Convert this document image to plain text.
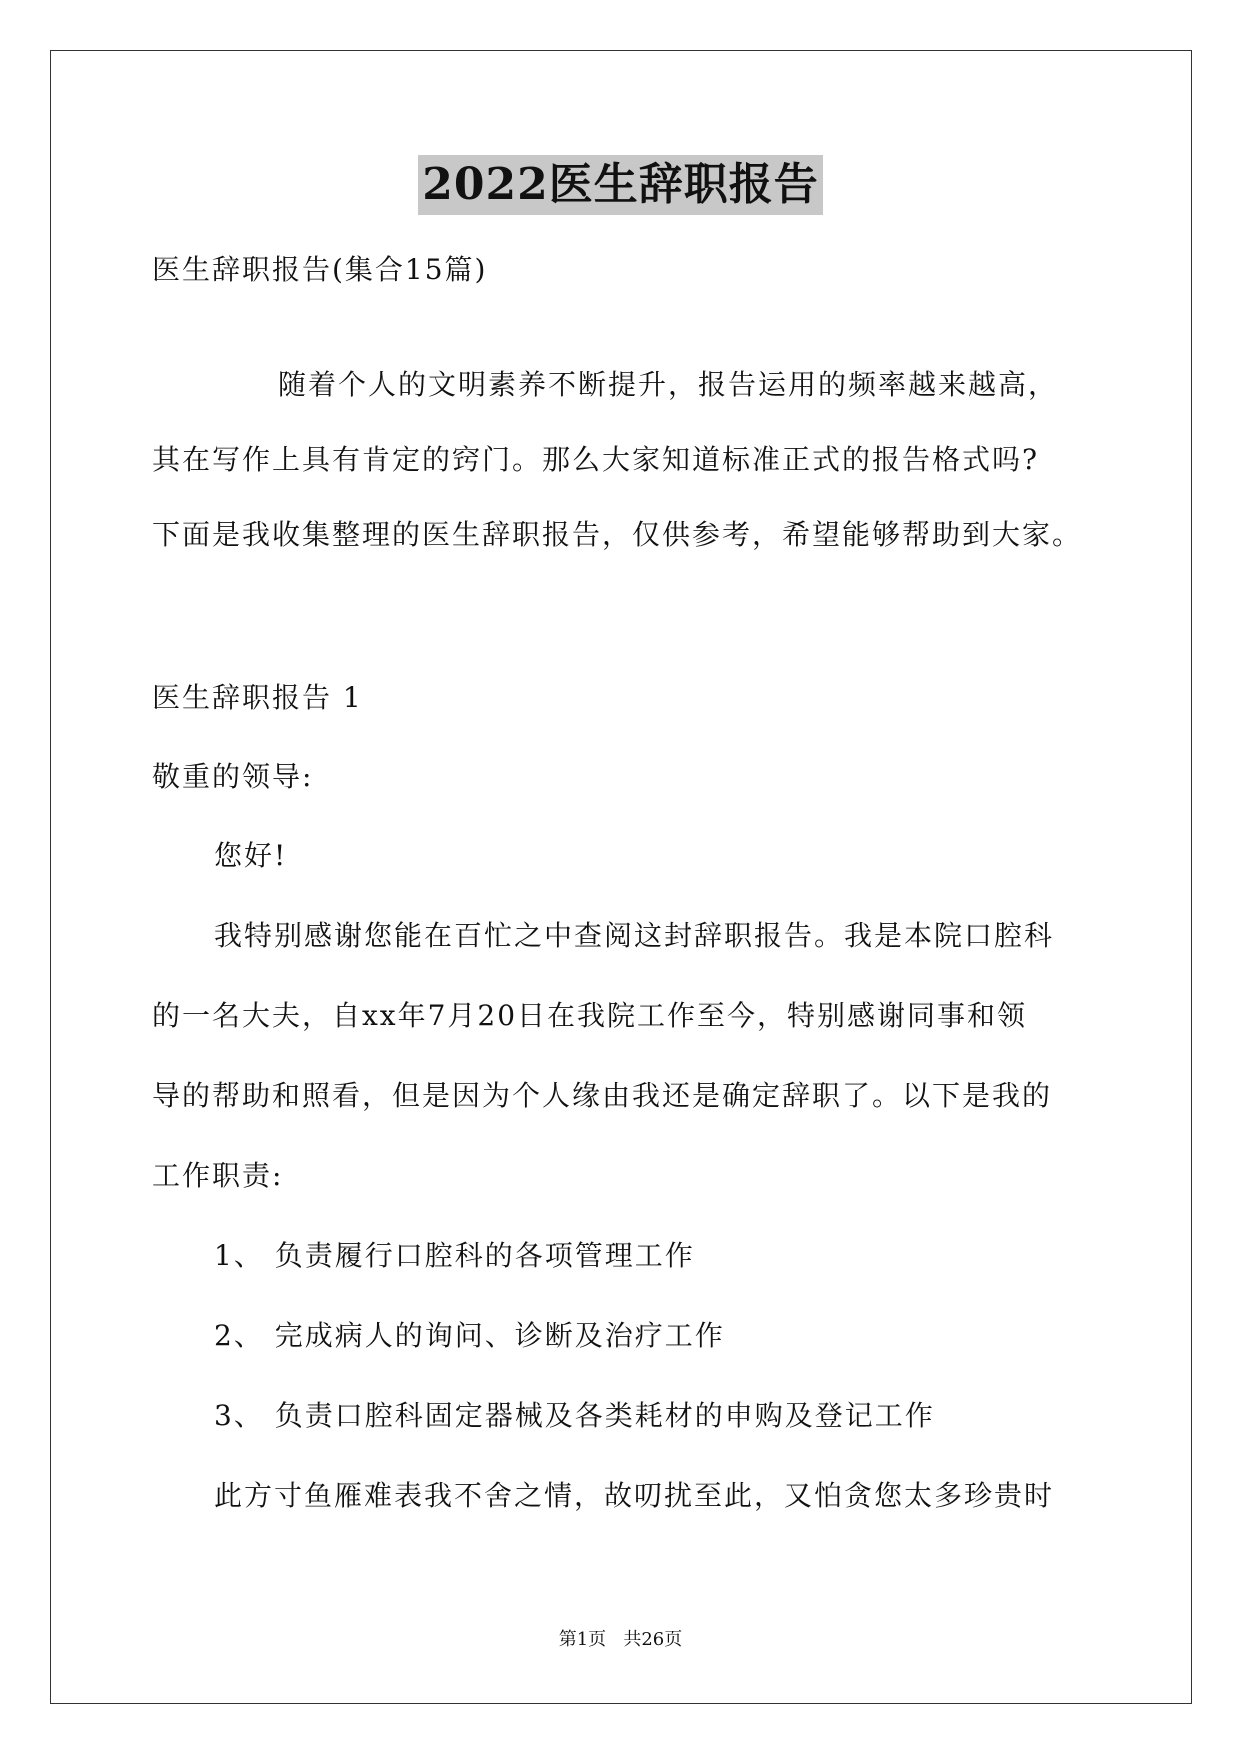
2022医生辞职报告
医生辞职报告(集合15篇)
随着个人的文明素养不断提升，报告运用的频率越来越高，
其在写作上具有肯定的窍门。那么大家知道标准正式的报告格式吗?
下面是我收集整理的医生辞职报告，仅供参考，希望能够帮助到大家。
医生辞职报告 1
敬重的领导:
您好!
我特别感谢您能在百忙之中查阅这封辞职报告。我是本院口腔科
的一名大夫，自xx年7月20日在我院工作至今，特别感谢同事和领
导的帮助和照看，但是因为个人缘由我还是确定辞职了。以下是我的
工作职责:
1、 负责履行口腔科的各项管理工作
2、 完成病人的询问、诊断及治疗工作
3、 负责口腔科固定器械及各类耗材的申购及登记工作
此方寸鱼雁难表我不舍之情，故叨扰至此，又怕贪您太多珍贵时
第1页   共26页
